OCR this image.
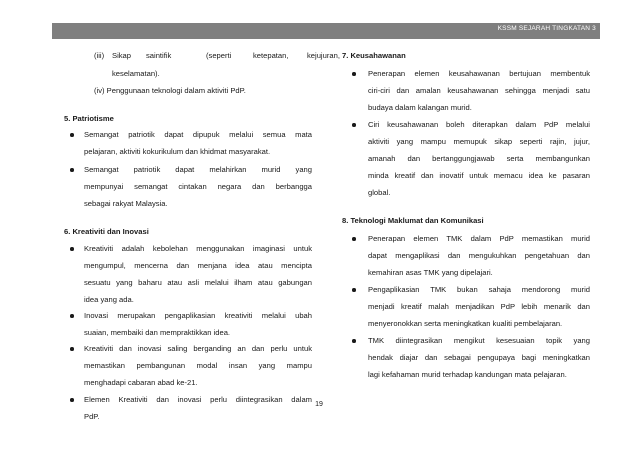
KSSM SEJARAH TINGKATAN 3
(iii) Sikap saintifik	(seperti	ketepatan, kejujuran,
keselamatan).
(iv) Penggunaan teknologi dalam aktiviti PdP.
5. Patriotisme
Semangat patriotik dapat dipupuk melalui semua mata
pelajaran, aktiviti kokurikulum dan khidmat masyarakat.
Semangat patriotik dapat melahirkan murid yang
mempunyai semangat cintakan negara dan berbangga
sebagai rakyat Malaysia.
6. Kreativiti dan Inovasi
Kreativiti adalah kebolehan menggunakan imaginasi untuk
mengumpul, mencerna dan menjana idea atau mencipta
sesuatu yang baharu atau asli melalui ilham atau gabungan
idea yang ada.
Inovasi merupakan pengaplikasian kreativiti melalui ubah
suaian, membaiki dan mempraktikkan idea.
Kreativiti dan inovasi saling berganding an dan perlu untuk
memastikan pembangunan modal insan yang mampu
menghadapi cabaran abad ke-21.
Elemen Kreativiti dan inovasi perlu diintegrasikan dalam
PdP.
7. Keusahawanan
Penerapan elemen keusahawanan bertujuan membentuk
ciri-ciri dan amalan keusahawanan sehingga menjadi satu
budaya dalam kalangan murid.
Ciri keusahawanan boleh diterapkan dalam PdP melalui
aktiviti yang mampu memupuk sikap seperti rajin, jujur,
amanah dan bertanggungjawab serta membangunkan
minda kreatif dan inovatif untuk memacu idea ke pasaran
global.
8. Teknologi Maklumat dan Komunikasi
Penerapan elemen TMK dalam PdP memastikan murid
dapat mengaplikasi dan mengukuhkan pengetahuan dan
kemahiran asas TMK yang dipelajari.
Pengaplikasian TMK bukan sahaja mendorong murid
menjadi kreatif malah menjadikan PdP lebih menarik dan
menyeronokkan serta meningkatkan kualiti pembelajaran.
TMK diintegrasikan mengikut kesesuaian topik yang
hendak diajar dan sebagai pengupaya bagi meningkatkan
lagi kefahaman murid terhadap kandungan mata pelajaran.
19
